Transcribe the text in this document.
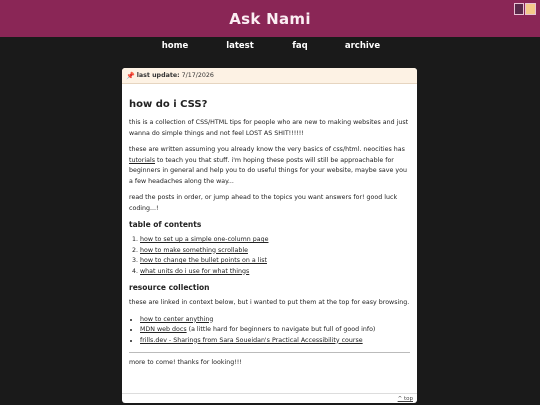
Ask Nami
home	latest	faq	archive
📌 last update: 7/17/2026
how do i CSS?

this is a collection of CSS/HTML tips for people who are new to making websites and just wanna do simple things and not feel LOST AS SHIT!!!!!!

these are written assuming you already know the very basics of css/html. neocities has tutorials to teach you that stuff. i'm hoping these posts will still be approachable for beginners in general and help you to do useful things for your website, maybe save you a few headaches along the way...

read the posts in order, or jump ahead to the topics you want answers for! good luck coding...!

table of contents
1. how to set up a simple one-column page
2. how to make something scrollable
3. how to change the bullet points on a list
4. what units do i use for what things
resource collection

these are linked in context below, but i wanted to put them at the top for easy browsing.

• how to center anything
• MDN web docs (a little hard for beginners to navigate but full of good info)
• frills.dev - Sharings from Sara Soueidan's Practical Accessibility course

more to come! thanks for looking!!!

^ top
